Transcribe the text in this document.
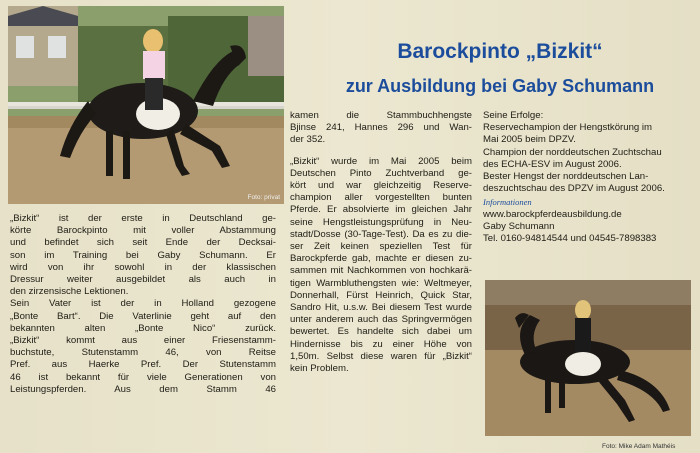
Foto: privat
Barockpinto „Bizkit“
zur Ausbildung bei Gaby Schumann
„Bizkit“ ist der erste in Deutschland ge-
körte Barockpinto mit voller Abstammung
und befindet sich seit Ende der Decksai-
son im Training bei Gaby Schumann. Er
wird von ihr sowohl in der klassischen
Dressur weiter ausgebildet als auch in
den zirzensische Lektionen.
Sein Vater ist der in Holland gezogene
„Bonte Bart“. Die Vaterlinie geht auf den
bekannten alten „Bonte Nico“ zurück.
„Bizkit“ kommt aus einer Friesenstamm-
buchstute, Stutenstamm 46, von Reitse
Pref. aus Haerke Pref. Der Stutenstamm
46 ist bekannt für viele Generationen von
Leistungspferden. Aus dem Stamm 46
kamen die Stammbuchhengste
Bjinse 241, Hannes 296 und Wan-
der 352.
„Bizkit“ wurde im Mai 2005 beim
Deutschen Pinto Zuchtverband ge-
kört und war gleichzeitig Reserve-
champion aller vorgestellten bunten
Pferde. Er absolvierte im gleichen Jahr
seine Hengstleistungsprüfung in Neu-
stadt/Dosse (30-Tage-Test). Da es zu die-
ser Zeit keinen speziellen Test für
Barockpferde gab, machte er diesen zu-
sammen mit Nachkommen von hochkarä-
tigen Warmbluthengsten wie: Weltmeyer,
Donnerhall, Fürst Heinrich, Quick Star,
Sandro Hit, u.s.w. Bei diesem Test wurde
unter anderem auch das Springvermögen
bewertet. Es handelte sich dabei um
Hindernisse bis zu einer Höhe von
1,50m. Selbst diese waren für „Bizkit“
kein Problem.
Seine Erfolge:
Reservechampion der Hengstkörung im
Mai 2005 beim DPZV.
Champion der norddeutschen Zuchtschau
des ECHA-ESV im August 2006.
Bester Hengst der norddeutschen Lan-
deszuchtschau des DPZV im August 2006.
Informationen
www.barockpferdeausbildung.de
Gaby Schumann
Tel. 0160-94814544 und 04545-7898383
Foto: Mike Adam Mathéis
